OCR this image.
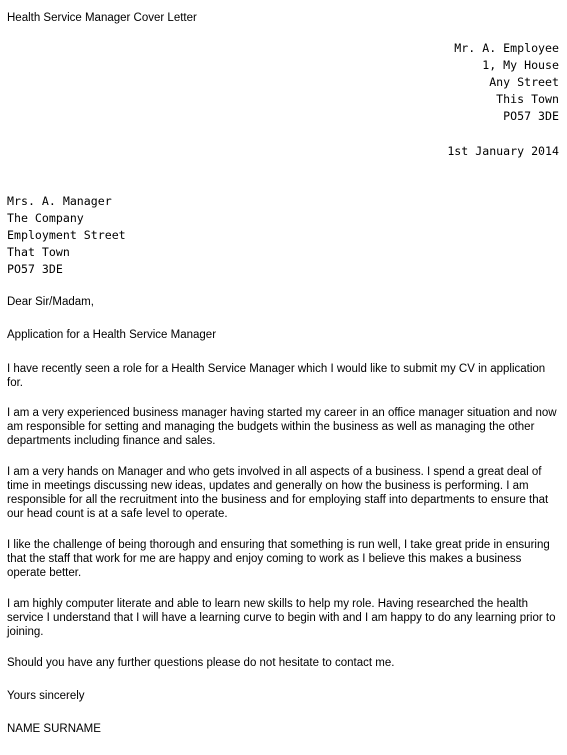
Health Service Manager Cover Letter
Mr. A. Employee
1, My House
Any Street
This Town
PO57 3DE
1st January 2014
Mrs. A. Manager
The Company
Employment Street
That Town
PO57 3DE
Dear Sir/Madam,
Application for a Health Service Manager
I have recently seen a role for a Health Service Manager which I would like to submit my CV in application for.
I am a very experienced business manager having started my career in an office manager situation and now am responsible for setting and managing the budgets within the business as well as managing the other departments including finance and sales.
I am a very hands on Manager and who gets involved in all aspects of a business. I spend a great deal of time in meetings discussing new ideas, updates and generally on how the business is performing. I am responsible for all the recruitment into the business and for employing staff into departments to ensure that our head count is at a safe level to operate.
I like the challenge of being thorough and ensuring that something is run well, I take great pride in ensuring that the staff that work for me are happy and enjoy coming to work as I believe this makes a business operate better.
I am highly computer literate and able to learn new skills to help my role. Having researched the health service I understand that I will have a learning curve to begin with and I am happy to do any learning prior to joining.
Should you have any further questions please do not hesitate to contact me.
Yours sincerely
NAME SURNAME
